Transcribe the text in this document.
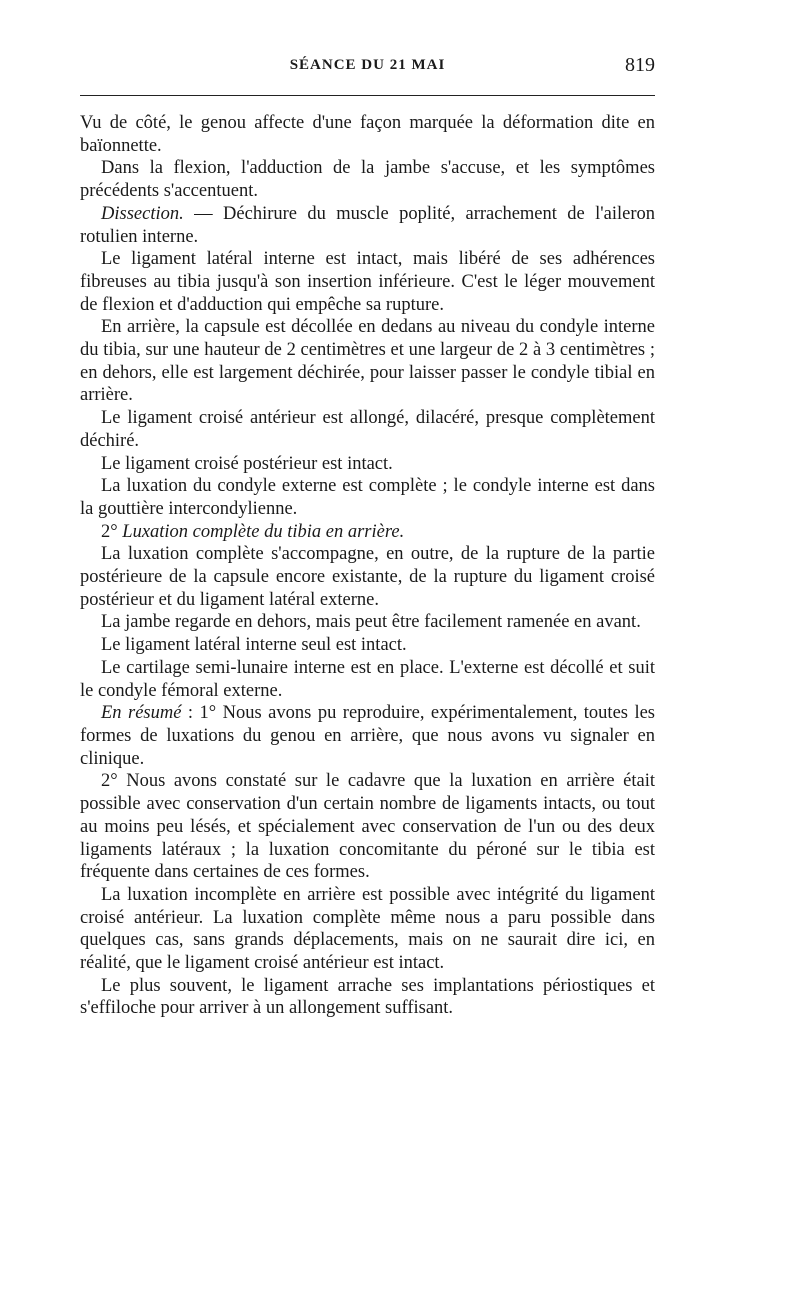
SÉANCE DU 21 MAI	819

Vu de côté, le genou affecte d'une façon marquée la déformation dite en baïonnette.

Dans la flexion, l'adduction de la jambe s'accuse, et les symptômes précédents s'accentuent.

Dissection. — Déchirure du muscle poplité, arrachement de l'aileron rotulien interne.

Le ligament latéral interne est intact, mais libéré de ses adhérences fibreuses au tibia jusqu'à son insertion inférieure. C'est le léger mouvement de flexion et d'adduction qui empêche sa rupture.

En arrière, la capsule est décollée en dedans au niveau du condyle interne du tibia, sur une hauteur de 2 centimètres et une largeur de 2 à 3 centimètres ; en dehors, elle est largement déchirée, pour laisser passer le condyle tibial en arrière.

Le ligament croisé antérieur est allongé, dilacéré, presque complètement déchiré.

Le ligament croisé postérieur est intact.

La luxation du condyle externe est complète ; le condyle interne est dans la gouttière intercondylienne.

2° Luxation complète du tibia en arrière.

La luxation complète s'accompagne, en outre, de la rupture de la partie postérieure de la capsule encore existante, de la rupture du ligament croisé postérieur et du ligament latéral externe.

La jambe regarde en dehors, mais peut être facilement ramenée en avant.

Le ligament latéral interne seul est intact.

Le cartilage semi-lunaire interne est en place. L'externe est décollé et suit le condyle fémoral externe.

En résumé : 1° Nous avons pu reproduire, expérimentalement, toutes les formes de luxations du genou en arrière, que nous avons vu signaler en clinique.

2° Nous avons constaté sur le cadavre que la luxation en arrière était possible avec conservation d'un certain nombre de ligaments intacts, ou tout au moins peu lésés, et spécialement avec conservation de l'un ou des deux ligaments latéraux ; la luxation concomitante du péroné sur le tibia est fréquente dans certaines de ces formes.

La luxation incomplète en arrière est possible avec intégrité du ligament croisé antérieur. La luxation complète même nous a paru possible dans quelques cas, sans grands déplacements, mais on ne saurait dire ici, en réalité, que le ligament croisé antérieur est intact.

Le plus souvent, le ligament arrache ses implantations périostiques et s'effiloche pour arriver à un allongement suffisant.
